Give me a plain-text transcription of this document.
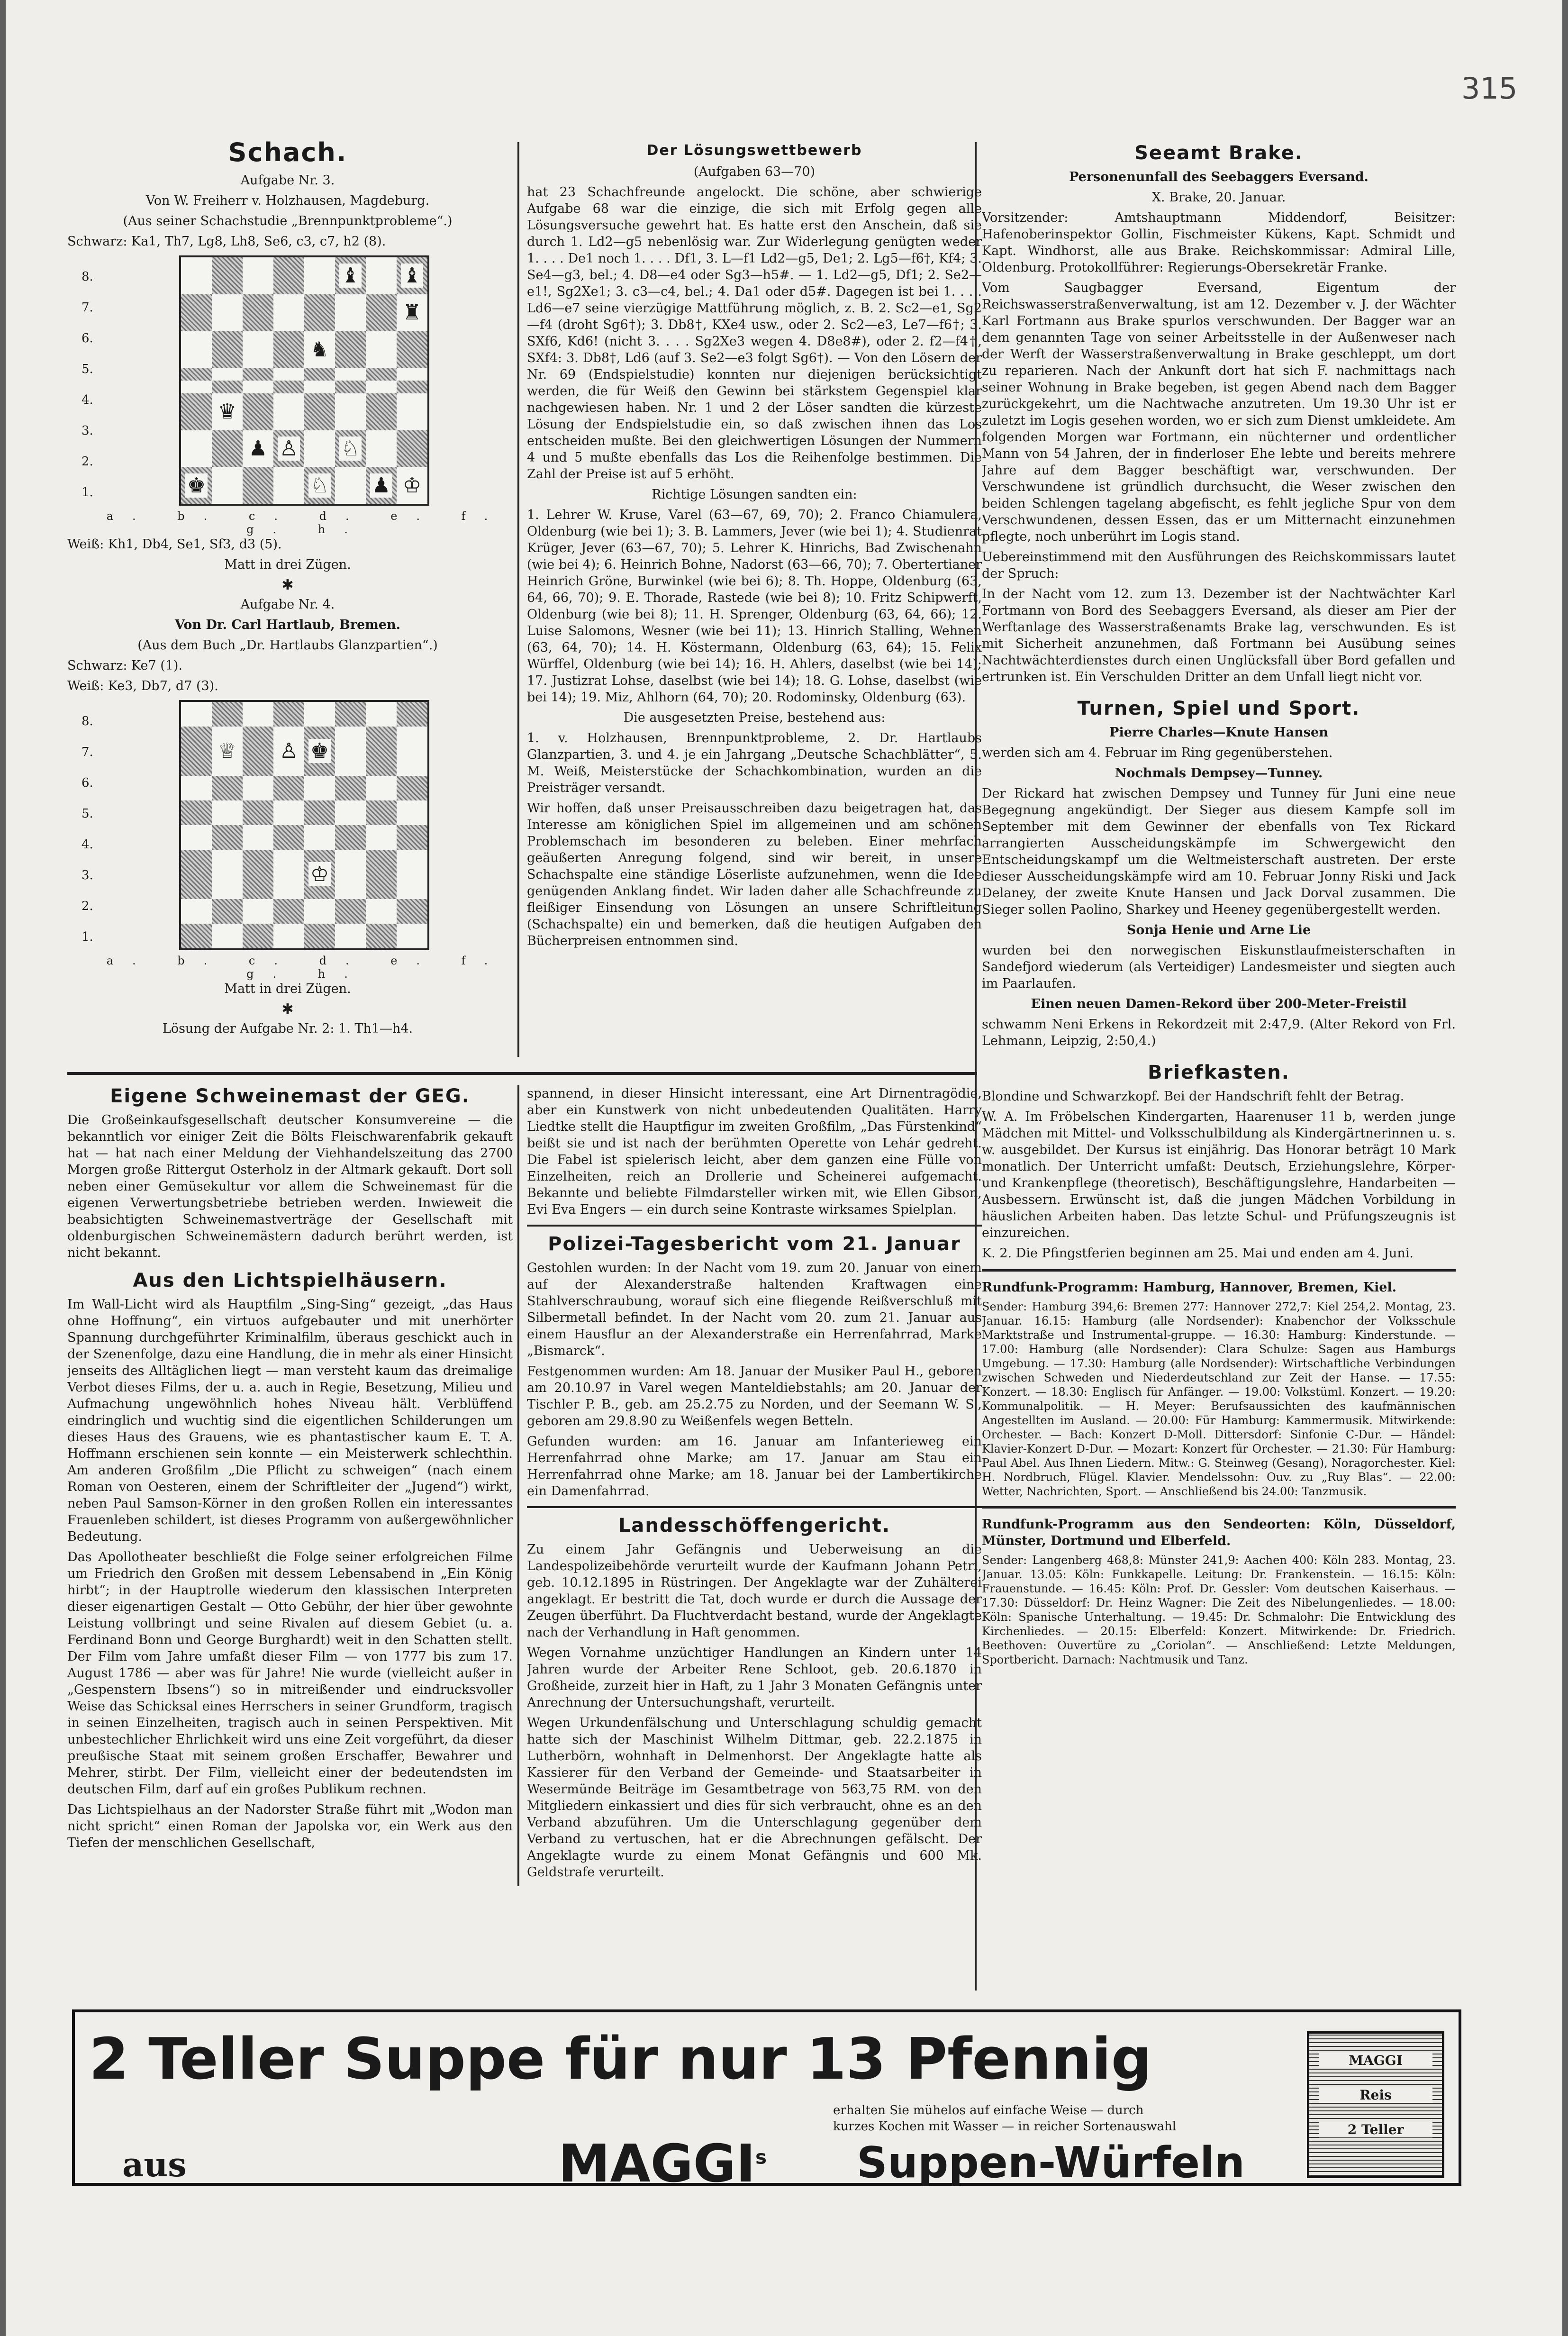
315
Schach.

Aufgabe Nr. 3.

Von W. Freiherr v. Holzhausen, Magdeburg.

(Aus seiner Schachstudie „Brennpunktprobleme“.)

Schwarz: Ka1, Th7, Lg8, Lh8, Se6, c3, c7, h2 (8).

8.
7.
6.
5.
4.
3.
2.
1.
♝ ♝
♜
♞
♛
♟ ♙ ♘
♚	♘ ♟ ♔
a. b. c. d. e. f. g. h.

Weiß: Kh1, Db4, Se1, Sf3, d3 (5).

Matt in drei Zügen.

✱

Aufgabe Nr. 4.

Von Dr. Carl Hartlaub, Bremen.

(Aus dem Buch „Dr. Hartlaubs Glanzpartien“.)

Schwarz: Ke7 (1).

Weiß: Ke3, Db7, d7 (3).

8.
7.
6.
5.
4.
3.
2.
1.
♕ ♙ ♚
♔
a. b. c. d. e. f. g. h.

Matt in drei Zügen.

✱

Lösung der Aufgabe Nr. 2: 1. Th1—h4.

Der Lösungswettbewerb

(Aufgaben 63—70)

hat 23 Schachfreunde angelockt. Die schöne, aber schwierige Aufgabe 68 war die einzige, die sich mit Erfolg gegen alle Lösungsversuche gewehrt hat. Es hatte erst den Anschein, daß sie durch 1. Ld2—g5 nebenlösig war. Zur Widerlegung genügten weder 1. . . . De1 noch 1. . . . Df1, 3. L—f1 Ld2—g5, De1; 2. Lg5—f6†, Kf4; 3. Se4—g3, bel.; 4. D8—e4 oder Sg3—h5#. — 1. Ld2—g5, Df1; 2. Se2—e1!, Sg2Xe1; 3. c3—c4, bel.; 4. Da1 oder d5#. Dagegen ist bei 1. . . . Ld6—e7 seine vierzügige Mattführung möglich, z. B. 2. Sc2—e1, Sg2—f4 (droht Sg6†); 3. Db8†, KXe4 usw., oder 2. Sc2—e3, Le7—f6†; 3. SXf6, Kd6! (nicht 3. . . . Sg2Xe3 wegen 4. D8e8#), oder 2. f2—f4†, SXf4: 3. Db8†, Ld6 (auf 3. Se2—e3 folgt Sg6†). — Von den Lösern der Nr. 69 (Endspielstudie) konnten nur diejenigen berücksichtigt werden, die für Weiß den Gewinn bei stärkstem Gegenspiel klar nachgewiesen haben. Nr. 1 und 2 der Löser sandten die kürzeste Lösung der Endspielstudie ein, so daß zwischen ihnen das Los entscheiden mußte. Bei den gleichwertigen Lösungen der Nummern 4 und 5 mußte ebenfalls das Los die Reihenfolge bestimmen. Die Zahl der Preise ist auf 5 erhöht.

Richtige Lösungen sandten ein:

1. Lehrer W. Kruse, Varel (63—67, 69, 70); 2. Franco Chiamulera, Oldenburg (wie bei 1); 3. B. Lammers, Jever (wie bei 1); 4. Studienrat Krüger, Jever (63—67, 70); 5. Lehrer K. Hinrichs, Bad Zwischenahn (wie bei 4); 6. Heinrich Bohne, Nadorst (63—66, 70); 7. Obertertianer Heinrich Gröne, Burwinkel (wie bei 6); 8. Th. Hoppe, Oldenburg (63, 64, 66, 70); 9. E. Thorade, Rastede (wie bei 8); 10. Fritz Schipwerft, Oldenburg (wie bei 8); 11. H. Sprenger, Oldenburg (63, 64, 66); 12. Luise Salomons, Wesner (wie bei 11); 13. Hinrich Stalling, Wehnen (63, 64, 70); 14. H. Köstermann, Oldenburg (63, 64); 15. Felix Würffel, Oldenburg (wie bei 14); 16. H. Ahlers, daselbst (wie bei 14); 17. Justizrat Lohse, daselbst (wie bei 14); 18. G. Lohse, daselbst (wie bei 14); 19. Miz, Ahlhorn (64, 70); 20. Rodominsky, Oldenburg (63).

Die ausgesetzten Preise, bestehend aus:

1. v. Holzhausen, Brennpunktprobleme, 2. Dr. Hartlaubs Glanzpartien, 3. und 4. je ein Jahrgang „Deutsche Schachblätter“, 5. M. Weiß, Meisterstücke der Schachkombination, wurden an die Preisträger versandt.

Wir hoffen, daß unser Preisausschreiben dazu beigetragen hat, das Interesse am königlichen Spiel im allgemeinen und am schönen Problemschach im besonderen zu beleben. Einer mehrfach geäußerten Anregung folgend, sind wir bereit, in unsere Schachspalte eine ständige Löserliste aufzunehmen, wenn die Idee genügenden Anklang findet. Wir laden daher alle Schachfreunde zu fleißiger Einsendung von Lösungen an unsere Schriftleitung (Schachspalte) ein und bemerken, daß die heutigen Aufgaben den Bücherpreisen entnommen sind.

Seeamt Brake.

Personenunfall des Seebaggers Eversand.

X. Brake, 20. Januar.

Vorsitzender: Amtshauptmann Middendorf, Beisitzer: Hafenoberinspektor Gollin, Fischmeister Kükens, Kapt. Schmidt und Kapt. Windhorst, alle aus Brake. Reichskommissar: Admiral Lille, Oldenburg. Protokollführer: Regierungs-Obersekretär Franke.

Vom Saugbagger Eversand, Eigentum der Reichswasserstraßenverwaltung, ist am 12. Dezember v. J. der Wächter Karl Fortmann aus Brake spurlos verschwunden. Der Bagger war an dem genannten Tage von seiner Arbeitsstelle in der Außenweser nach der Werft der Wasserstraßenverwaltung in Brake geschleppt, um dort zu reparieren. Nach der Ankunft dort hat sich F. nachmittags nach seiner Wohnung in Brake begeben, ist gegen Abend nach dem Bagger zurückgekehrt, um die Nachtwache anzutreten. Um 19.30 Uhr ist er zuletzt im Logis gesehen worden, wo er sich zum Dienst umkleidete. Am folgenden Morgen war Fortmann, ein nüchterner und ordentlicher Mann von 54 Jahren, der in finderloser Ehe lebte und bereits mehrere Jahre auf dem Bagger beschäftigt war, verschwunden. Der Verschwundene ist gründlich durchsucht, die Weser zwischen den beiden Schlengen tagelang abgefischt, es fehlt jegliche Spur von dem Verschwundenen, dessen Essen, das er um Mitternacht einzunehmen pflegte, noch unberührt im Logis stand.

Uebereinstimmend mit den Ausführungen des Reichskommissars lautet der Spruch:

In der Nacht vom 12. zum 13. Dezember ist der Nachtwächter Karl Fortmann von Bord des Seebaggers Eversand, als dieser am Pier der Werftanlage des Wasserstraßenamts Brake lag, verschwunden. Es ist mit Sicherheit anzunehmen, daß Fortmann bei Ausübung seines Nachtwächterdienstes durch einen Unglücksfall über Bord gefallen und ertrunken ist. Ein Verschulden Dritter an dem Unfall liegt nicht vor.

Turnen, Spiel und Sport.

Pierre Charles—Knute Hansen

werden sich am 4. Februar im Ring gegenüberstehen.

Nochmals Dempsey—Tunney.

Der Rickard hat zwischen Dempsey und Tunney für Juni eine neue Begegnung angekündigt. Der Sieger aus diesem Kampfe soll im September mit dem Gewinner der ebenfalls von Tex Rickard arrangierten Ausscheidungskämpfe im Schwergewicht den Entscheidungskampf um die Weltmeisterschaft austreten. Der erste dieser Ausscheidungskämpfe wird am 10. Februar Jonny Riski und Jack Delaney, der zweite Knute Hansen und Jack Dorval zusammen. Die Sieger sollen Paolino, Sharkey und Heeney gegenübergestellt werden.

Sonja Henie und Arne Lie

wurden bei den norwegischen Eiskunstlaufmeisterschaften in Sandefjord wiederum (als Verteidiger) Landesmeister und siegten auch im Paarlaufen.

Einen neuen Damen-Rekord über 200-Meter-Freistil

schwamm Neni Erkens in Rekordzeit mit 2:47,9. (Alter Rekord von Frl. Lehmann, Leipzig, 2:50,4.)

Briefkasten.

Blondine und Schwarzkopf. Bei der Handschrift fehlt der Betrag.

W. A. Im Fröbelschen Kindergarten, Haarenuser 11 b, werden junge Mädchen mit Mittel- und Volksschulbildung als Kindergärtnerinnen u. s. w. ausgebildet. Der Kursus ist einjährig. Das Honorar beträgt 10 Mark monatlich. Der Unterricht umfaßt: Deutsch, Erziehungslehre, Körper- und Krankenpflege (theoretisch), Beschäftigungslehre, Handarbeiten — Ausbessern. Erwünscht ist, daß die jungen Mädchen Vorbildung in häuslichen Arbeiten haben. Das letzte Schul- und Prüfungszeugnis ist einzureichen.

K. 2. Die Pfingstferien beginnen am 25. Mai und enden am 4. Juni.

Rundfunk-Programm: Hamburg, Hannover, Bremen, Kiel.

Sender: Hamburg 394,6: Bremen 277: Hannover 272,7: Kiel 254,2. Montag, 23. Januar. 16.15: Hamburg (alle Nordsender): Knabenchor der Volksschule Marktstraße und Instrumental-gruppe. — 16.30: Hamburg: Kinderstunde. — 17.00: Hamburg (alle Nordsender): Clara Schulze: Sagen aus Hamburgs Umgebung. — 17.30: Hamburg (alle Nordsender): Wirtschaftliche Verbindungen zwischen Schweden und Niederdeutschland zur Zeit der Hanse. — 17.55: Konzert. — 18.30: Englisch für Anfänger. — 19.00: Volkstüml. Konzert. — 19.20: Kommunalpolitik. — H. Meyer: Berufsaussichten des kaufmännischen Angestellten im Ausland. — 20.00: Für Hamburg: Kammermusik. Mitwirkende: Orchester. — Bach: Konzert D-Moll. Dittersdorf: Sinfonie C-Dur. — Händel: Klavier-Konzert D-Dur. — Mozart: Konzert für Orchester. — 21.30: Für Hamburg: Paul Abel. Aus Ihnen Liedern. Mitw.: G. Steinweg (Gesang), Noragorchester. Kiel: H. Nordbruch, Flügel. Klavier. Mendelssohn: Ouv. zu „Ruy Blas“. — 22.00: Wetter, Nachrichten, Sport. — Anschließend bis 24.00: Tanzmusik.

Rundfunk-Programm aus den Sendeorten: Köln, Düsseldorf, Münster, Dortmund und Elberfeld.

Sender: Langenberg 468,8: Münster 241,9: Aachen 400: Köln 283. Montag, 23. Januar. 13.05: Köln: Funkkapelle. Leitung: Dr. Frankenstein. — 16.15: Köln: Frauenstunde. — 16.45: Köln: Prof. Dr. Gessler: Vom deutschen Kaiserhaus. — 17.30: Düsseldorf: Dr. Heinz Wagner: Die Zeit des Nibelungenliedes. — 18.00: Köln: Spanische Unterhaltung. — 19.45: Dr. Schmalohr: Die Entwicklung des Kirchenliedes. — 20.15: Elberfeld: Konzert. Mitwirkende: Dr. Friedrich. Beethoven: Ouvertüre zu „Coriolan“. — Anschließend: Letzte Meldungen, Sportbericht. Darnach: Nachtmusik und Tanz.

Eigene Schweinemast der GEG.

Die Großeinkaufsgesellschaft deutscher Konsumvereine — die bekanntlich vor einiger Zeit die Bölts Fleischwarenfabrik gekauft hat — hat nach einer Meldung der Viehhandelszeitung das 2700 Morgen große Rittergut Osterholz in der Altmark gekauft. Dort soll neben einer Gemüsekultur vor allem die Schweinemast für die eigenen Verwertungsbetriebe betrieben werden. Inwieweit die beabsichtigten Schweinemastverträge der Gesellschaft mit oldenburgischen Schweinemästern dadurch berührt werden, ist nicht bekannt.

Aus den Lichtspielhäusern.

Im Wall-Licht wird als Hauptfilm „Sing-Sing“ gezeigt, „das Haus ohne Hoffnung“, ein virtuos aufgebauter und mit unerhörter Spannung durchgeführter Kriminalfilm, überaus geschickt auch in der Szenenfolge, dazu eine Handlung, die in mehr als einer Hinsicht jenseits des Alltäglichen liegt — man versteht kaum das dreimalige Verbot dieses Films, der u. a. auch in Regie, Besetzung, Milieu und Aufmachung ungewöhnlich hohes Niveau hält. Verblüffend eindringlich und wuchtig sind die eigentlichen Schilderungen um dieses Haus des Grauens, wie es phantastischer kaum E. T. A. Hoffmann erschienen sein konnte — ein Meisterwerk schlechthin. Am anderen Großfilm „Die Pflicht zu schweigen“ (nach einem Roman von Oesteren, einem der Schriftleiter der „Jugend“) wirkt, neben Paul Samson-Körner in den großen Rollen ein interessantes Frauenleben schildert, ist dieses Programm von außergewöhnlicher Bedeutung.

Das Apollotheater beschließt die Folge seiner erfolgreichen Filme um Friedrich den Großen mit dessem Lebensabend in „Ein König hirbt“; in der Hauptrolle wiederum den klassischen Interpreten dieser eigenartigen Gestalt — Otto Gebühr, der hier über gewohnte Leistung vollbringt und seine Rivalen auf diesem Gebiet (u. a. Ferdinand Bonn und George Burghardt) weit in den Schatten stellt. Der Film vom Jahre umfaßt dieser Film — von 1777 bis zum 17. August 1786 — aber was für Jahre! Nie wurde (vielleicht außer in „Gespenstern Ibsens“) so in mitreißender und eindrucksvoller Weise das Schicksal eines Herrschers in seiner Grundform, tragisch in seinen Einzelheiten, tragisch auch in seinen Perspektiven. Mit unbestechlicher Ehrlichkeit wird uns eine Zeit vorgeführt, da dieser preußische Staat mit seinem großen Erschaffer, Bewahrer und Mehrer, stirbt. Der Film, vielleicht einer der bedeutendsten im deutschen Film, darf auf ein großes Publikum rechnen.

Das Lichtspielhaus an der Nadorster Straße führt mit „Wodon man nicht spricht“ einen Roman der Japolska vor, ein Werk aus den Tiefen der menschlichen Gesellschaft,

spannend, in dieser Hinsicht interessant, eine Art Dirnentragödie, aber ein Kunstwerk von nicht unbedeutenden Qualitäten. Harry Liedtke stellt die Hauptfigur im zweiten Großfilm, „Das Fürstenkind“ beißt sie und ist nach der berühmten Operette von Lehár gedreht. Die Fabel ist spielerisch leicht, aber dem ganzen eine Fülle von Einzelheiten, reich an Drollerie und Scheinerei aufgemacht. Bekannte und beliebte Filmdarsteller wirken mit, wie Ellen Gibson, Evi Eva Engers — ein durch seine Kontraste wirksames Spielplan.

Polizei-Tagesbericht vom 21. Januar

Gestohlen wurden: In der Nacht vom 19. zum 20. Januar von einem auf der Alexanderstraße haltenden Kraftwagen eine Stahlverschraubung, worauf sich eine fliegende Reißverschluß mit Silbermetall befindet. In der Nacht vom 20. zum 21. Januar aus einem Hausflur an der Alexanderstraße ein Herrenfahrrad, Marke „Bismarck“.

Festgenommen wurden: Am 18. Januar der Musiker Paul H., geboren am 20.10.97 in Varel wegen Manteldiebstahls; am 20. Januar der Tischler P. B., geb. am 25.2.75 zu Norden, und der Seemann W. S., geboren am 29.8.90 zu Weißenfels wegen Betteln.

Gefunden wurden: am 16. Januar am Infanterieweg ein Herrenfahrrad ohne Marke; am 17. Januar am Stau ein Herrenfahrrad ohne Marke; am 18. Januar bei der Lambertikirche ein Damenfahrrad.

Landesschöffengericht.

Zu einem Jahr Gefängnis und Ueberweisung an die Landespolizeibehörde verurteilt wurde der Kaufmann Johann Petri, geb. 10.12.1895 in Rüstringen. Der Angeklagte war der Zuhälterei angeklagt. Er bestritt die Tat, doch wurde er durch die Aussage der Zeugen überführt. Da Fluchtverdacht bestand, wurde der Angeklagte nach der Verhandlung in Haft genommen.

Wegen Vornahme unzüchtiger Handlungen an Kindern unter 14 Jahren wurde der Arbeiter Rene Schloot, geb. 20.6.1870 in Großheide, zurzeit hier in Haft, zu 1 Jahr 3 Monaten Gefängnis unter Anrechnung der Untersuchungshaft, verurteilt.

Wegen Urkundenfälschung und Unterschlagung schuldig gemacht hatte sich der Maschinist Wilhelm Dittmar, geb. 22.2.1875 in Lutherbörn, wohnhaft in Delmenhorst. Der Angeklagte hatte als Kassierer für den Verband der Gemeinde- und Staatsarbeiter in Wesermünde Beiträge im Gesamtbetrage von 563,75 RM. von den Mitgliedern einkassiert und dies für sich verbraucht, ohne es an den Verband abzuführen. Um die Unterschlagung gegenüber dem Verband zu vertuschen, hat er die Abrechnungen gefälscht. Der Angeklagte wurde zu einem Monat Gefängnis und 600 Mk. Geldstrafe verurteilt.

2 Teller Suppe für nur 13 Pfennig
erhalten Sie mühelos auf einfache Weise — durch
kurzes Kochen mit Wasser — in reicher Sortenauswahl
aus	MAGGI$^s$ Suppen-Würfeln
MAGGI
Reis
2 Teller
